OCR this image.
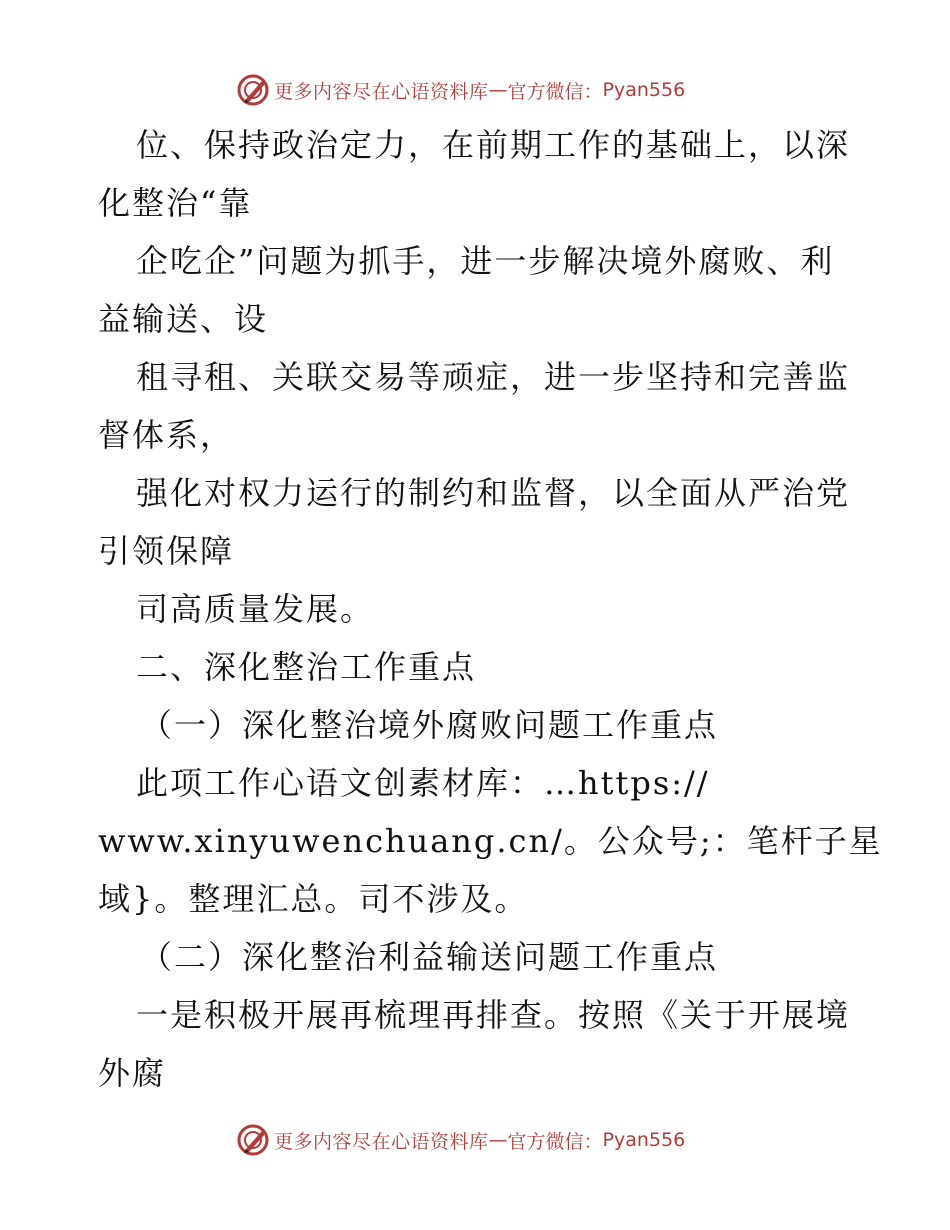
更多内容尽在心语资料库 — 官方微信： Pyan556
位、保持政治定力，在前期工作的基础上，以深
化整治“靠
企吃企”问题为抓手，进一步解决境外腐败、利
益输送、设
租寻租、关联交易等顽症，进一步坚持和完善监
督体系，
强化对权力运行的制约和监督，以全面从严治党
引领保障
司高质量发展。
二、深化整治工作重点
（一）深化整治境外腐败问题工作重点
此项工作心语文创素材库：…https://
www.xinyuwenchuang.cn/。公众号;：笔杆子星
域}。整理汇总。司不涉及。
（二）深化整治利益输送问题工作重点
一是积极开展再梳理再排查。按照《关于开展境
外腐
更多内容尽在心语资料库 — 官方微信： Pyan556
